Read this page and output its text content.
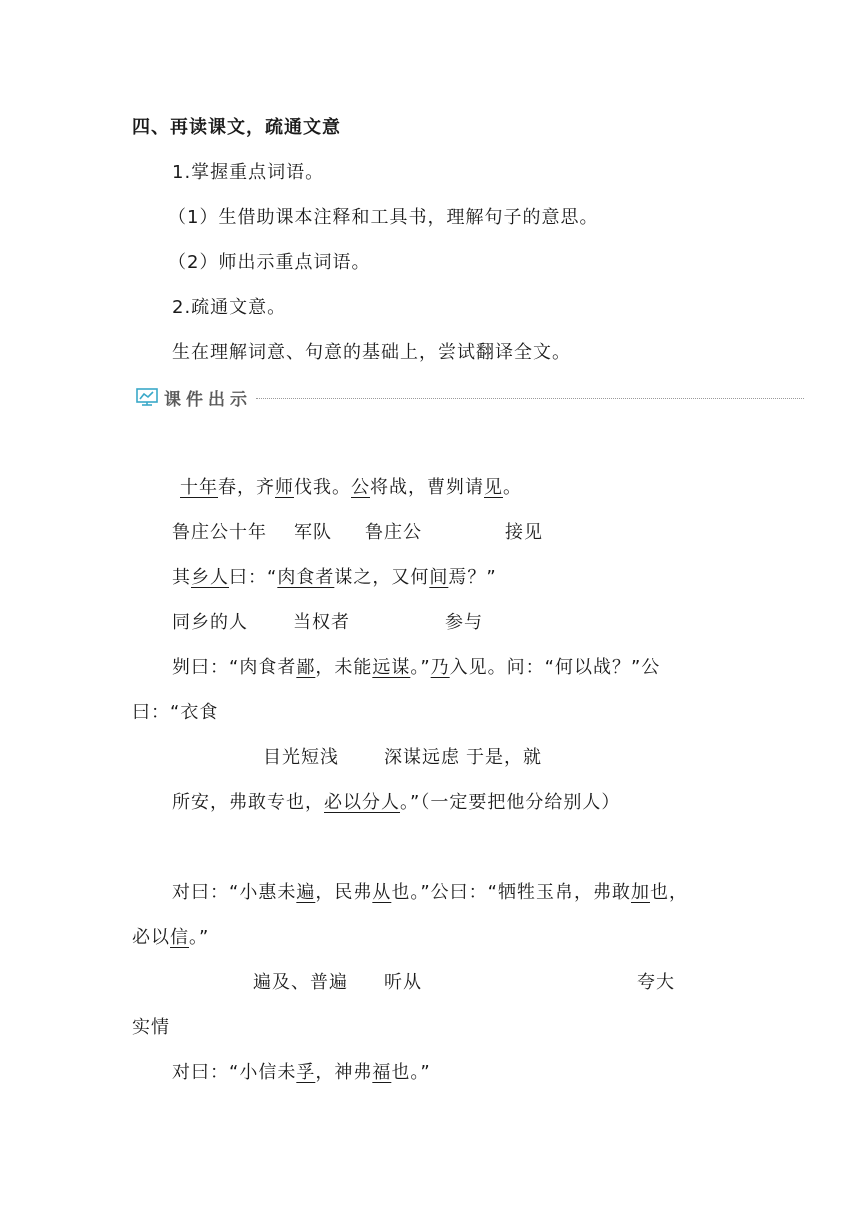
四、再读课文，疏通文意
1.掌握重点词语。
（1）生借助课本注释和工具书，理解句子的意思。
（2）师出示重点词语。
2.疏通文意。
生在理解词意、句意的基础上，尝试翻译全文。
课件出示
十年春，齐师伐我。公将战，曹刿请见。
鲁庄公十年 军队 鲁庄公	接见
其乡人曰：“肉食者谋之，又何间焉？”
同乡的人	当权者	参与
刿曰：“肉食者鄙，未能远谋。”乃入见。问：“何以战？”公
曰：“衣食
目光短浅	深谋远虑 于是，就
所安，弗敢专也，必以分人。”（一定要把他分给别人）
对曰：“小惠未遍，民弗从也。”公曰：“牺牲玉帛，弗敢加也，
必以信。”
遍及、普遍 听从	夸大
实情
对曰：“小信未孚，神弗福也。”
